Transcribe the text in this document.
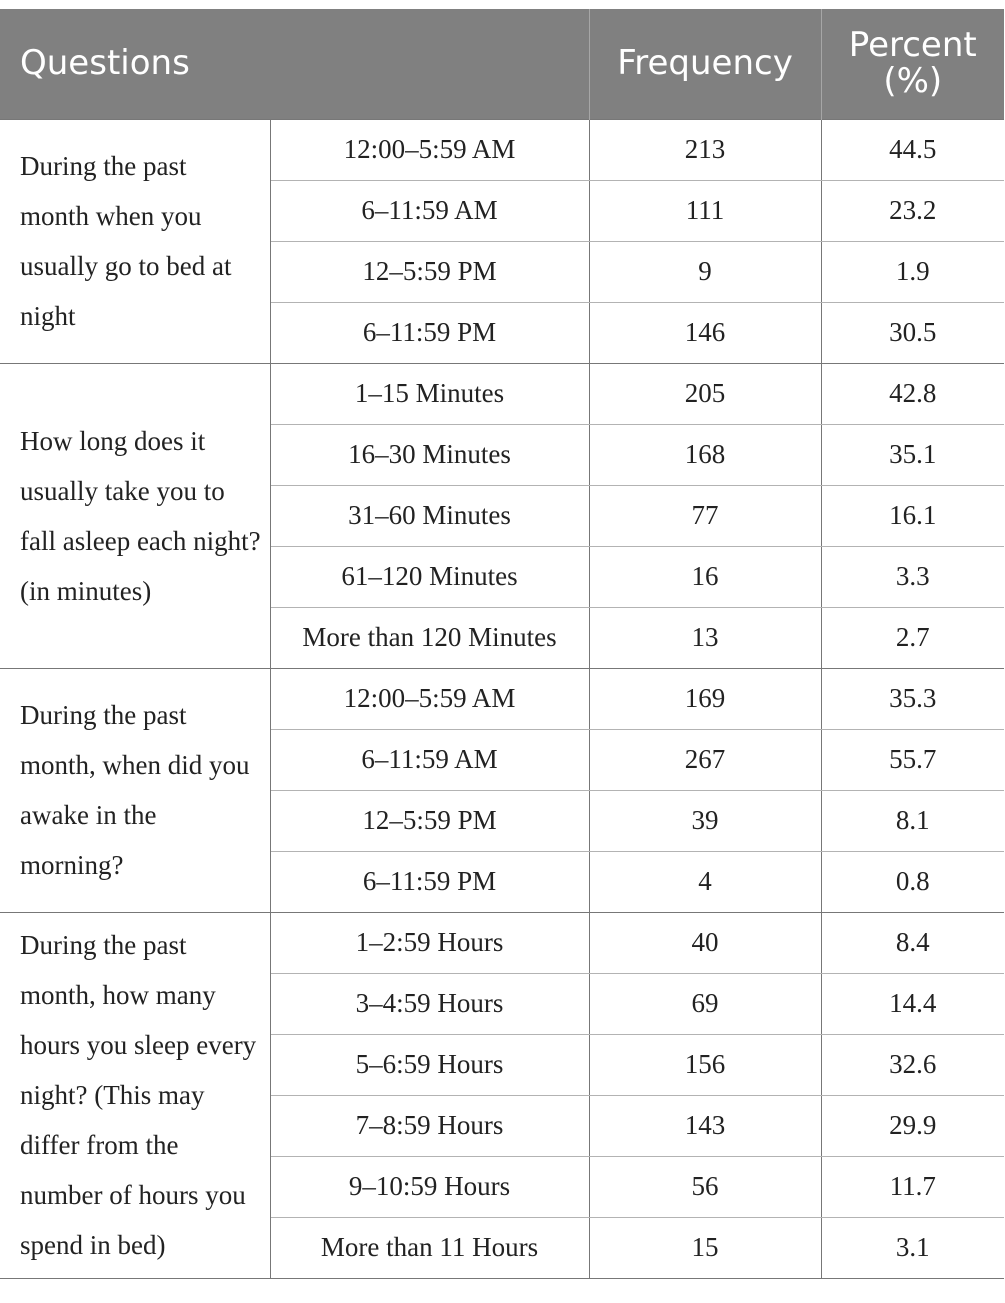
Questions		Frequency	Percent
(%)
During the past month when you usually go to bed at night	12:00–5:59 AM	213	44.5
	6–11:59 AM	111	23.2
	12–5:59 PM	9	1.9
	6–11:59 PM	146	30.5
How long does it usually take you to fall asleep each night? (in minutes)	1–15 Minutes	205	42.8
	16–30 Minutes	168	35.1
	31–60 Minutes	77	16.1
	61–120 Minutes	16	3.3
	More than 120 Minutes	13	2.7
During the past month, when did you awake in the morning?	12:00–5:59 AM	169	35.3
	6–11:59 AM	267	55.7
	12–5:59 PM	39	8.1
	6–11:59 PM	4	0.8
During the past month, how many hours you sleep every night? (This may differ from the number of hours you spend in bed)	1–2:59 Hours	40	8.4
	3–4:59 Hours	69	14.4
	5–6:59 Hours	156	32.6
	7–8:59 Hours	143	29.9
	9–10:59 Hours	56	11.7
	More than 11 Hours	15	3.1
